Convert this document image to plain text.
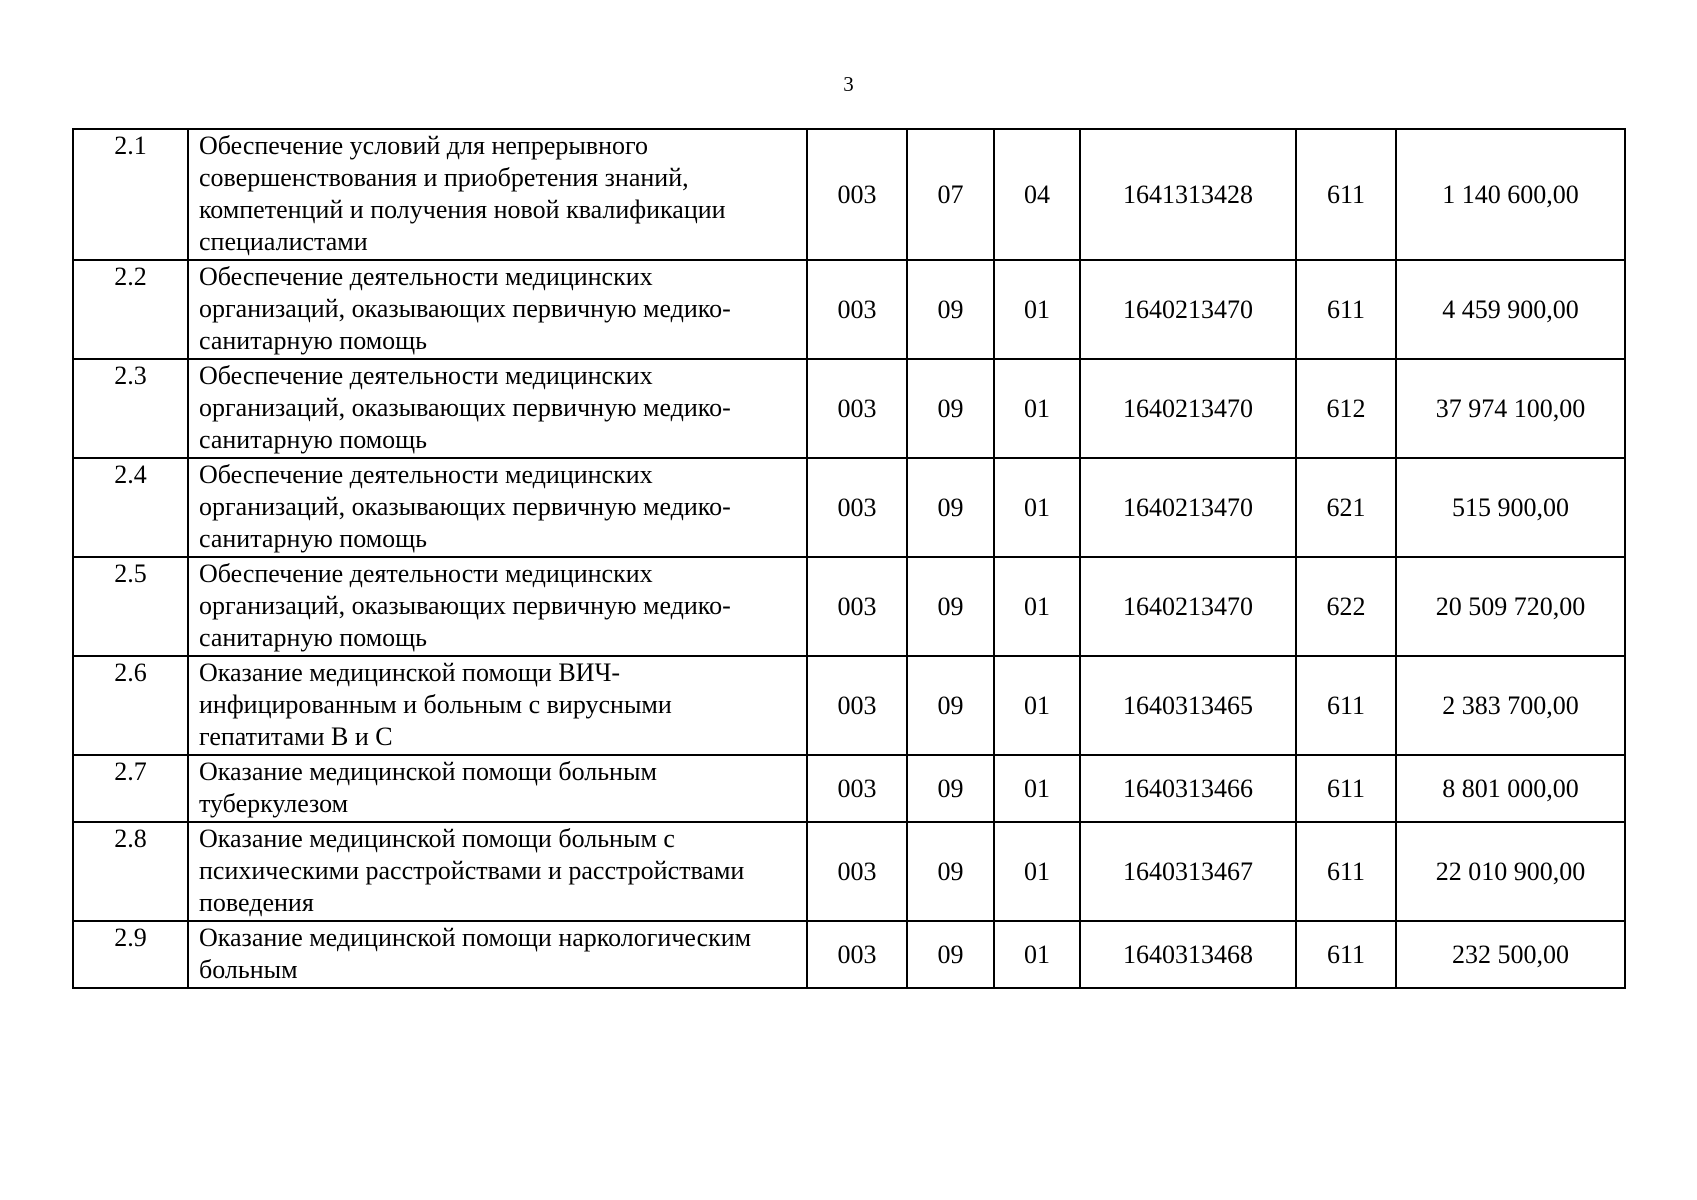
3
2.1	Обеспечение условий для непрерывного совершенствования и приобретения знаний, компетенций и получения новой квалификации специалистами	003	07	04	1641313428	611	1 140 600,00
2.2	Обеспечение деятельности медицинских организаций, оказывающих первичную медико-санитарную помощь	003	09	01	1640213470	611	4 459 900,00
2.3	Обеспечение деятельности медицинских организаций, оказывающих первичную медико-санитарную помощь	003	09	01	1640213470	612	37 974 100,00
2.4	Обеспечение деятельности медицинских организаций, оказывающих первичную медико-санитарную помощь	003	09	01	1640213470	621	515 900,00
2.5	Обеспечение деятельности медицинских организаций, оказывающих первичную медико-санитарную помощь	003	09	01	1640213470	622	20 509 720,00
2.6	Оказание медицинской помощи ВИЧ-инфицированным и больным с вирусными гепатитами В и С	003	09	01	1640313465	611	2 383 700,00
2.7	Оказание медицинской помощи больным туберкулезом	003	09	01	1640313466	611	8 801 000,00
2.8	Оказание медицинской помощи больным с психическими расстройствами и расстройствами поведения	003	09	01	1640313467	611	22 010 900,00
2.9	Оказание медицинской помощи наркологическим больным	003	09	01	1640313468	611	232 500,00
